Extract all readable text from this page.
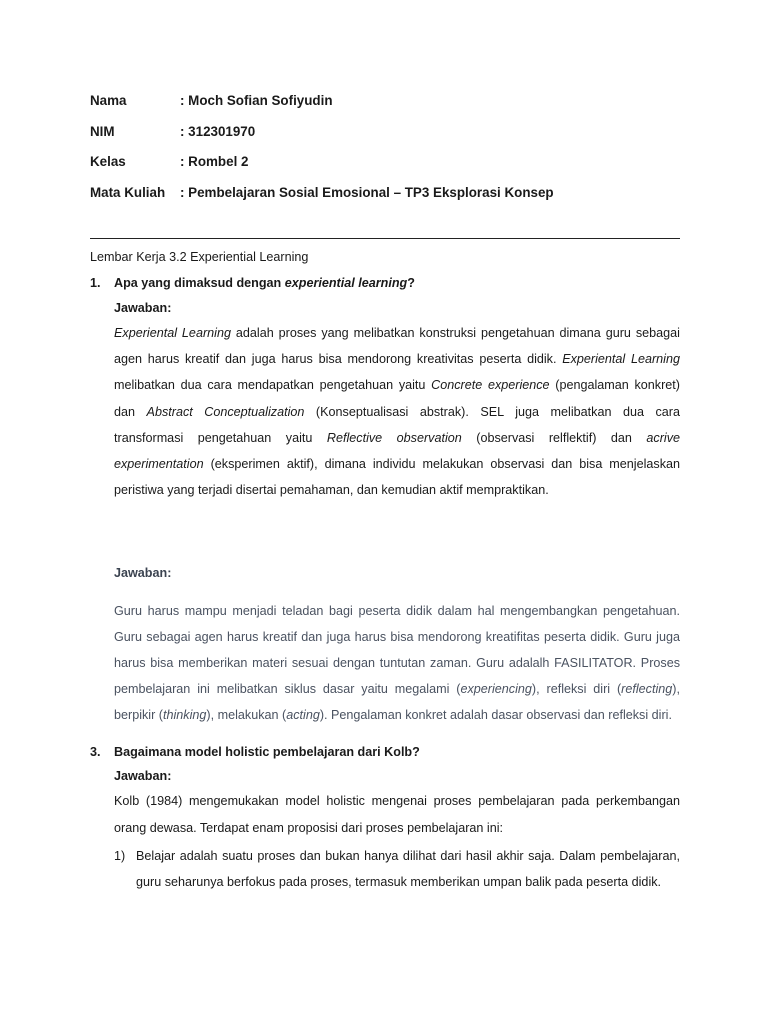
Nama	: Moch Sofian Sofiyudin
NIM	: 312301970
Kelas	: Rombel 2
Mata Kuliah	: Pembelajaran Sosial Emosional – TP3 Eksplorasi Konsep
Lembar Kerja 3.2 Experiential Learning
1.	Apa yang dimaksud dengan experiential learning?
Jawaban:
Experiental Learning adalah proses yang melibatkan konstruksi pengetahuan dimana guru sebagai agen harus kreatif dan juga harus bisa mendorong kreativitas peserta didik. Experiental Learning melibatkan dua cara mendapatkan pengetahuan yaitu Concrete experience (pengalaman konkret) dan Abstract Conceptualization (Konseptualisasi abstrak). SEL juga melibatkan dua cara transformasi pengetahuan yaitu Reflective observation (observasi relflektif) dan acrive experimentation (eksperimen aktif), dimana individu melakukan observasi dan bisa menjelaskan peristiwa yang terjadi disertai pemahaman, dan kemudian aktif mempraktikan.
Jawaban:
Guru harus mampu menjadi teladan bagi peserta didik dalam hal mengembangkan pengetahuan. Guru sebagai agen harus kreatif dan juga harus bisa mendorong kreatifitas peserta didik. Guru juga harus bisa memberikan materi sesuai dengan tuntutan zaman. Guru adalalh FASILITATOR. Proses pembelajaran ini melibatkan siklus dasar yaitu megalami (experiencing), refleksi diri (reflecting), berpikir (thinking), melakukan (acting). Pengalaman konkret adalah dasar observasi dan refleksi diri.
3.	Bagaimana model holistic pembelajaran dari Kolb?
Jawaban:
Kolb (1984) mengemukakan model holistic mengenai proses pembelajaran pada perkembangan orang dewasa. Terdapat enam proposisi dari proses pembelajaran ini:
1) Belajar adalah suatu proses dan bukan hanya dilihat dari hasil akhir saja. Dalam pembelajaran, guru seharunya berfokus pada proses, termasuk memberikan umpan balik pada peserta didik.
